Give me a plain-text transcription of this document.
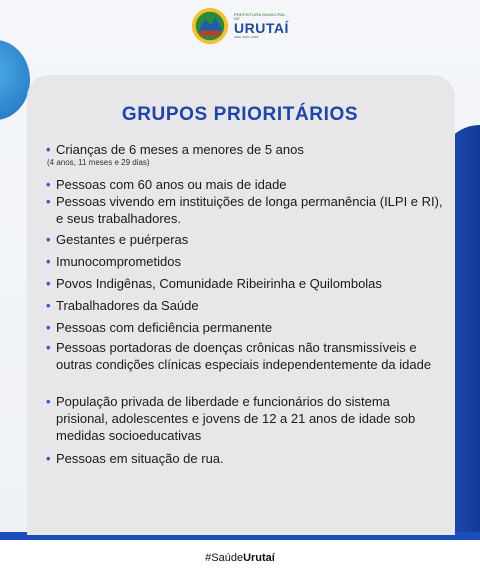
PREFEITURA MUNICIPAL DE
URUTAÍ
ADM. 2025 | 2028
GRUPOS PRIORITÁRIOS
• Crianças de 6 meses a menores de 5 anos
(4 anos, 11 meses e 29 dias)
• Pessoas com 60 anos ou mais de idade
• Pessoas vivendo em instituições de longa permanência (ILPI e RI), e seus trabalhadores.
• Gestantes e puérperas
• Imunocomprometidos
• Povos Indigênas, Comunidade Ribeirinha e Quilombolas
• Trabalhadores da Saúde
• Pessoas com deficiência permanente
• Pessoas portadoras de doenças crônicas não transmissíveis e outras condições clínicas especiais independentemente da idade
• População privada de liberdade e funcionários do sistema prisional, adolescentes e jovens de 12 a 21 anos de idade sob medidas socioeducativas
• Pessoas em situação de rua.
#SaúdeUrutaí
